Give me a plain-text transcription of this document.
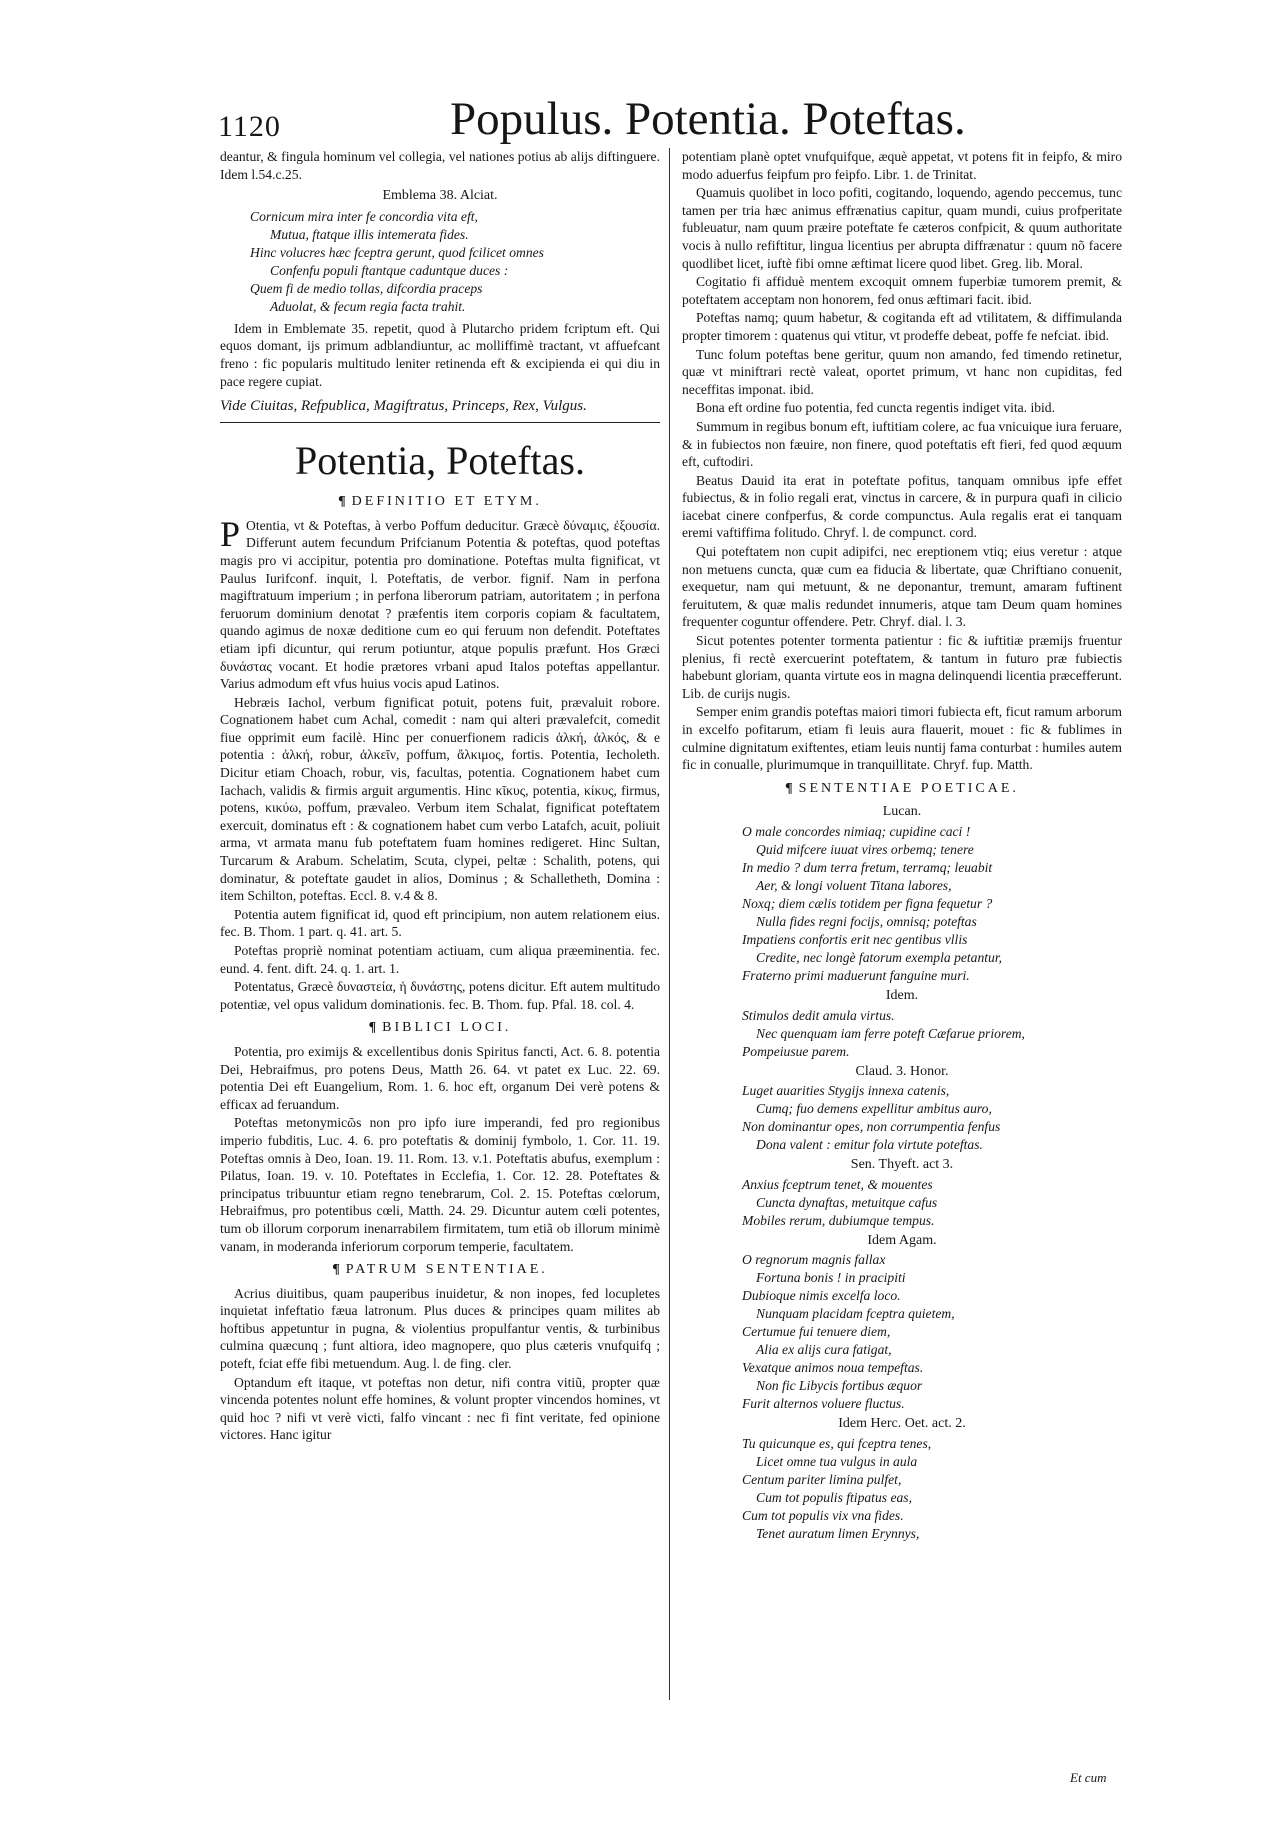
1120	Populus. Potentia. Poteftas.

deantur, & fingula hominum vel collegia, vel nationes potius ab alijs diftinguere. Idem l.54.c.25.

Emblema 38. Alciat.
Cornicum mira inter fe concordia vita eft,
Mutua, ftatque illis intemerata fides.
Hinc volucres hæc fceptra gerunt, quod fcilicet omnes
Confenfu populi ftantque caduntque duces :
Quem fi de medio tollas, difcordia praceps
Aduolat, & fecum regia facta trahit.

Idem in Emblemate 35. repetit, quod à Plutarcho pridem fcriptum eft. Qui equos domant, ijs primum adblandiuntur, ac molliffimè tractant, vt affuefcant freno : fic popularis multitudo leniter retinenda eft & excipienda ei qui diu in pace regere cupiat.

Vide Ciuitas, Refpublica, Magiftratus, Princeps, Rex, Vulgus.
Potentia, Poteftas.
¶ DEFINITIO ET ETYM.

P Otentia, vt & Poteftas, à verbo Poffum deducitur. Græcè δύναμις, ἐξουσία. Differunt autem fecundum Prifcianum Potentia & poteftas, quod poteftas magis pro vi accipitur, potentia pro dominatione. Poteftas multa fignificat, vt Paulus Iurifconf. inquit, l. Poteftatis, de verbor. fignif. Nam in perfona magiftratuum imperium ; in perfona liberorum patriam, autoritatem ; in perfona feruorum dominium denotat ? præfentis item corporis copiam & facultatem, quando agimus de noxæ deditione cum eo qui feruum non defendit. Poteftates etiam ipfi dicuntur, qui rerum potiuntur, atque populis præfunt. Hos Græci δυνάστας vocant. Et hodie prætores vrbani apud Italos poteftas appellantur. Varius admodum eft vfus huius vocis apud Latinos.

Hebræis Iachol, verbum fignificat potuit, potens fuit, prævaluit robore. Cognationem habet cum Achal, comedit : nam qui alteri prævalefcit, comedit fiue opprimit eum facilè. Hinc per conuerfionem radicis ἀλκή, ἀλκός, & e potentia : ἀλκή, robur, ἀλκεῖν, poffum, ἄλκιμος, fortis. Potentia, Iecholeth. Dicitur etiam Choach, robur, vis, facultas, potentia. Cognationem habet cum Iachach, validis & firmis arguit argumentis. Hinc κῖκυς, potentia, κίκυς, firmus, potens, κικύω, poffum, prævaleo. Verbum item Schalat, fignificat poteftatem exercuit, dominatus eft : & cognationem habet cum verbo Latafch, acuit, poliuit arma, vt armata manu fub poteftatem fuam homines redigeret. Hinc Sultan, Turcarum & Arabum. Schelatim, Scuta, clypei, peltæ : Schalith, potens, qui dominatur, & poteftate gaudet in alios, Dominus ; & Schalletheth, Domina : item Schilton, poteftas. Eccl. 8. v.4 & 8.

Potentia autem fignificat id, quod eft principium, non autem relationem eius. fec. B. Thom. 1 part. q. 41. art. 5.

Poteftas propriè nominat potentiam actiuam, cum aliqua præeminentia. fec. eund. 4. fent. dift. 24. q. 1. art. 1.

Potentatus, Græcè δυναστεία, ἡ δυνάστης, potens dicitur. Eft autem multitudo potentiæ, vel opus validum dominationis. fec. B. Thom. fup. Pfal. 18. col. 4.

¶ BIBLICI LOCI.

Potentia, pro eximijs & excellentibus donis Spiritus fancti, Act. 6. 8. potentia Dei, Hebraifmus, pro potens Deus, Matth 26. 64. vt patet ex Luc. 22. 69. potentia Dei eft Euangelium, Rom. 1. 6. hoc eft, organum Dei verè potens & efficax ad feruandum.

Poteftas metonymicῶs non pro ipfo iure imperandi, fed pro regionibus imperio fubditis, Luc. 4. 6. pro poteftatis & dominij fymbolo, 1. Cor. 11. 19. Poteftas omnis à Deo, Ioan. 19. 11. Rom. 13. v.1. Poteftatis abufus, exemplum : Pilatus, Ioan. 19. v. 10. Poteftates in Ecclefia, 1. Cor. 12. 28. Poteftates & principatus tribuuntur etiam regno tenebrarum, Col. 2. 15. Poteftas cœlorum, Hebraifmus, pro potentibus cœli, Matth. 24. 29. Dicuntur autem cœli potentes, tum ob illorum corporum inenarrabilem firmitatem, tum etiã ob illorum minimè vanam, in moderanda inferiorum corporum temperie, facultatem.

¶ PATRUM SENTENTIAE.

Acrius diuitibus, quam pauperibus inuidetur, & non inopes, fed locupletes inquietat infeftatio fæua latronum. Plus duces & principes quam milites ab hoftibus appetuntur in pugna, & violentius propulfantur ventis, & turbinibus culmina quæcunq ; funt altiora, ideo magnopere, quo plus cæteris vnufquifq ; poteft, fciat effe fibi metuendum. Aug. l. de fing. cler.

Optandum eft itaque, vt poteftas non detur, nifi contra vitiũ, propter quæ vincenda potentes nolunt effe homines, & volunt propter vincendos homines, vt quid hoc ? nifi vt verè victi, falfo vincant : nec fi fint veritate, fed opinione victores. Hanc igitur

potentiam planè optet vnufquifque, æquè appetat, vt potens fit in feipfo, & miro modo aduerfus feipfum pro feipfo. Libr. 1. de Trinitat.

Quamuis quolibet in loco pofiti, cogitando, loquendo, agendo peccemus, tunc tamen per tria hæc animus effrænatius capitur, quam mundi, cuius profperitate fubleuatur, nam quum præire poteftate fe cæteros confpicit, & quum authoritate vocis à nullo refiftitur, lingua licentius per abrupta diffrænatur : quum nõ facere quodlibet licet, iuftè fibi omne æftimat licere quod libet. Greg. lib. Moral.

Cogitatio fi affiduè mentem excoquit omnem fuperbiæ tumorem premit, & poteftatem acceptam non honorem, fed onus æftimari facit. ibid.

Poteftas namq; quum habetur, & cogitanda eft ad vtilitatem, & diffimulanda propter timorem : quatenus qui vtitur, vt prodeffe debeat, poffe fe nefciat. ibid.

Tunc folum poteftas bene geritur, quum non amando, fed timendo retinetur, quæ vt miniftrari rectè valeat, oportet primum, vt hanc non cupiditas, fed neceffitas imponat. ibid.

Bona eft ordine fuo potentia, fed cuncta regentis indiget vita. ibid.

Summum in regibus bonum eft, iuftitiam colere, ac fua vnicuique iura feruare, & in fubiectos non fæuire, non finere, quod poteftatis eft fieri, fed quod æquum eft, cuftodiri.

Beatus Dauid ita erat in poteftate pofitus, tanquam omnibus ipfe effet fubiectus, & in folio regali erat, vinctus in carcere, & in purpura quafi in cilicio iacebat cinere confperfus, & corde compunctus. Aula regalis erat ei tanquam eremi vaftiffima folitudo. Chryf. l. de compunct. cord.

Qui poteftatem non cupit adipifci, nec ereptionem vtiq; eius veretur : atque non metuens cuncta, quæ cum ea fiducia & libertate, quæ Chriftiano conuenit, exequetur, nam qui metuunt, & ne deponantur, tremunt, amaram fuftinent feruitutem, & quæ malis redundet innumeris, atque tam Deum quam homines frequenter coguntur offendere. Petr. Chryf. dial. l. 3.

Sicut potentes potenter tormenta patientur : fic & iuftitiæ præmijs fruentur plenius, fi rectè exercuerint poteftatem, & tantum in futuro præ fubiectis habebunt gloriam, quanta virtute eos in magna delinquendi licentia præcefferunt. Lib. de curijs nugis.

Semper enim grandis poteftas maiori timori fubiecta eft, ficut ramum arborum in excelfo pofitarum, etiam fi leuis aura flauerit, mouet : fic & fublimes in culmine dignitatum exiftentes, etiam leuis nuntij fama conturbat : humiles autem fic in conualle, plurimumque in tranquillitate. Chryf. fup. Matth.

¶ SENTENTIAE POETICAE.
Lucan.
O male concordes nimiaq; cupidine caci !
Quid mifcere iuuat vires orbemq; tenere
In medio ? dum terra fretum, terramq; leuabit
Aer, & longi voluent Titana labores,
Noxq; diem cælis totidem per figna fequetur ?
Nulla fides regni focijs, omnisq; poteftas
Impatiens confortis erit nec gentibus vllis
Credite, nec longè fatorum exempla petantur,
Fraterno primi maduerunt fanguine muri.
Idem.
Stimulos dedit amula virtus.
Nec quenquam iam ferre poteft Cæfarue priorem,
Pompeiusue parem.
Claud. 3. Honor.
Luget auarities Stygijs innexa catenis,
Cumq; fuo demens expellitur ambitus auro,
Non dominantur opes, non corrumpentia fenfus
Dona valent : emitur fola virtute poteftas.
Sen. Thyeft. act 3.
Anxius fceptrum tenet, & mouentes
Cuncta dynaftas, metuitque cafus
Mobiles rerum, dubiumque tempus.
Idem Agam.
O regnorum magnis fallax
Fortuna bonis ! in pracipiti
Dubioque nimis excelfa loco.
Nunquam placidam fceptra quietem,
Certumue fui tenuere diem,
Alia ex alijs cura fatigat,
Vexatque animos noua tempeftas.
Non fic Libycis fortibus æquor
Furit alternos voluere fluctus.
Idem Herc. Oet. act. 2.
Tu quicunque es, qui fceptra tenes,
Licet omne tua vulgus in aula
Centum pariter limina pulfet,
Cum tot populis ftipatus eas,
Cum tot populis vix vna fides.
Tenet auratum limen Erynnys,
Et cum
